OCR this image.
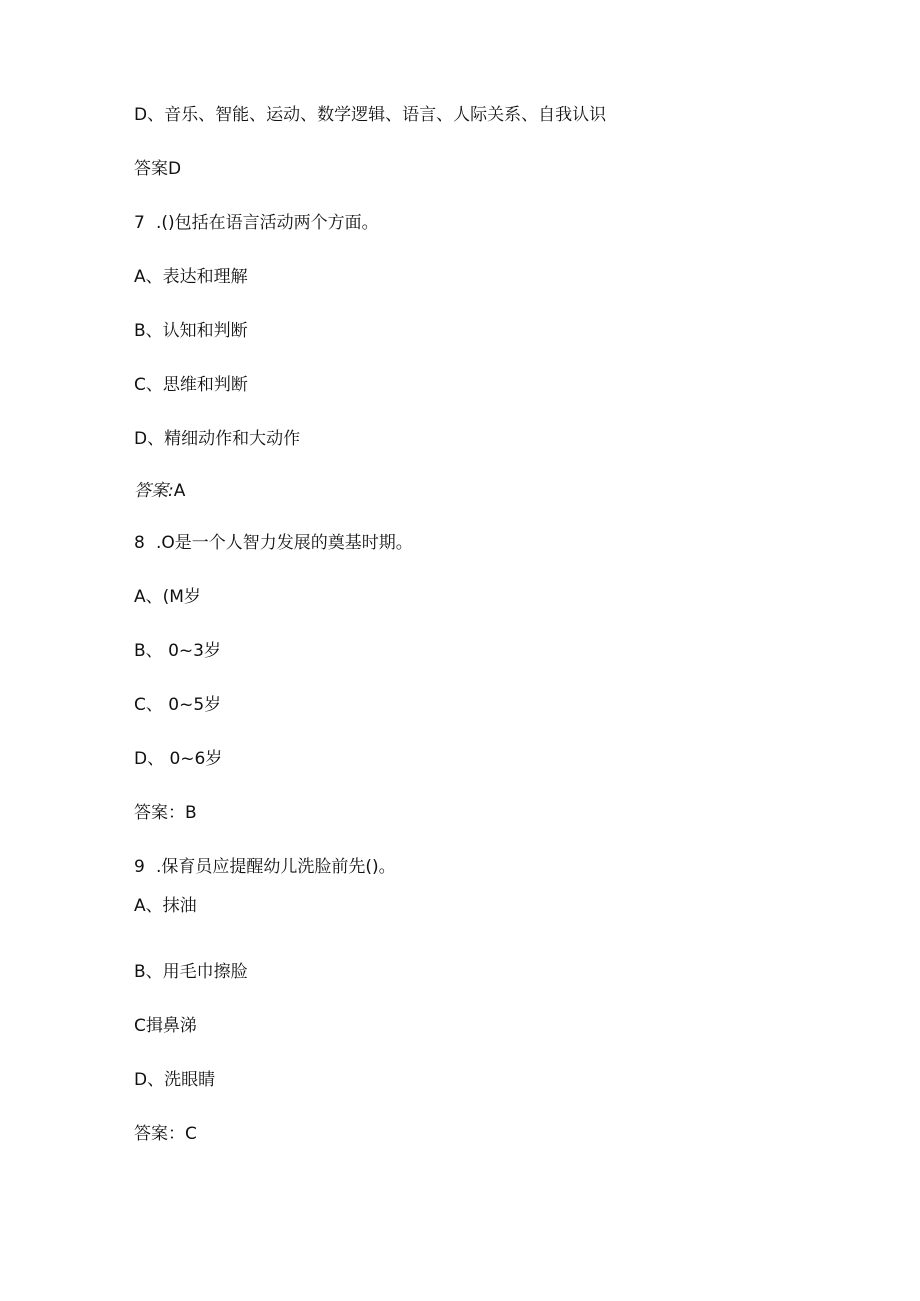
D、音乐、智能、运动、数学逻辑、语言、人际关系、自我认识
答案D
7 .()包括在语言活动两个方面。
A、表达和理解
B、认知和判断
C、思维和判断
D、精细动作和大动作
答案:A
8 .O是一个人智力发展的奠基时期。
A、(M岁
B、 0~3岁
C、 0~5岁
D、 0~6岁
答案：B
9 .保育员应提醒幼儿洗脸前先()。
A、抹油
B、用毛巾擦脸
C揖鼻涕
D、洗眼睛
答案：C
